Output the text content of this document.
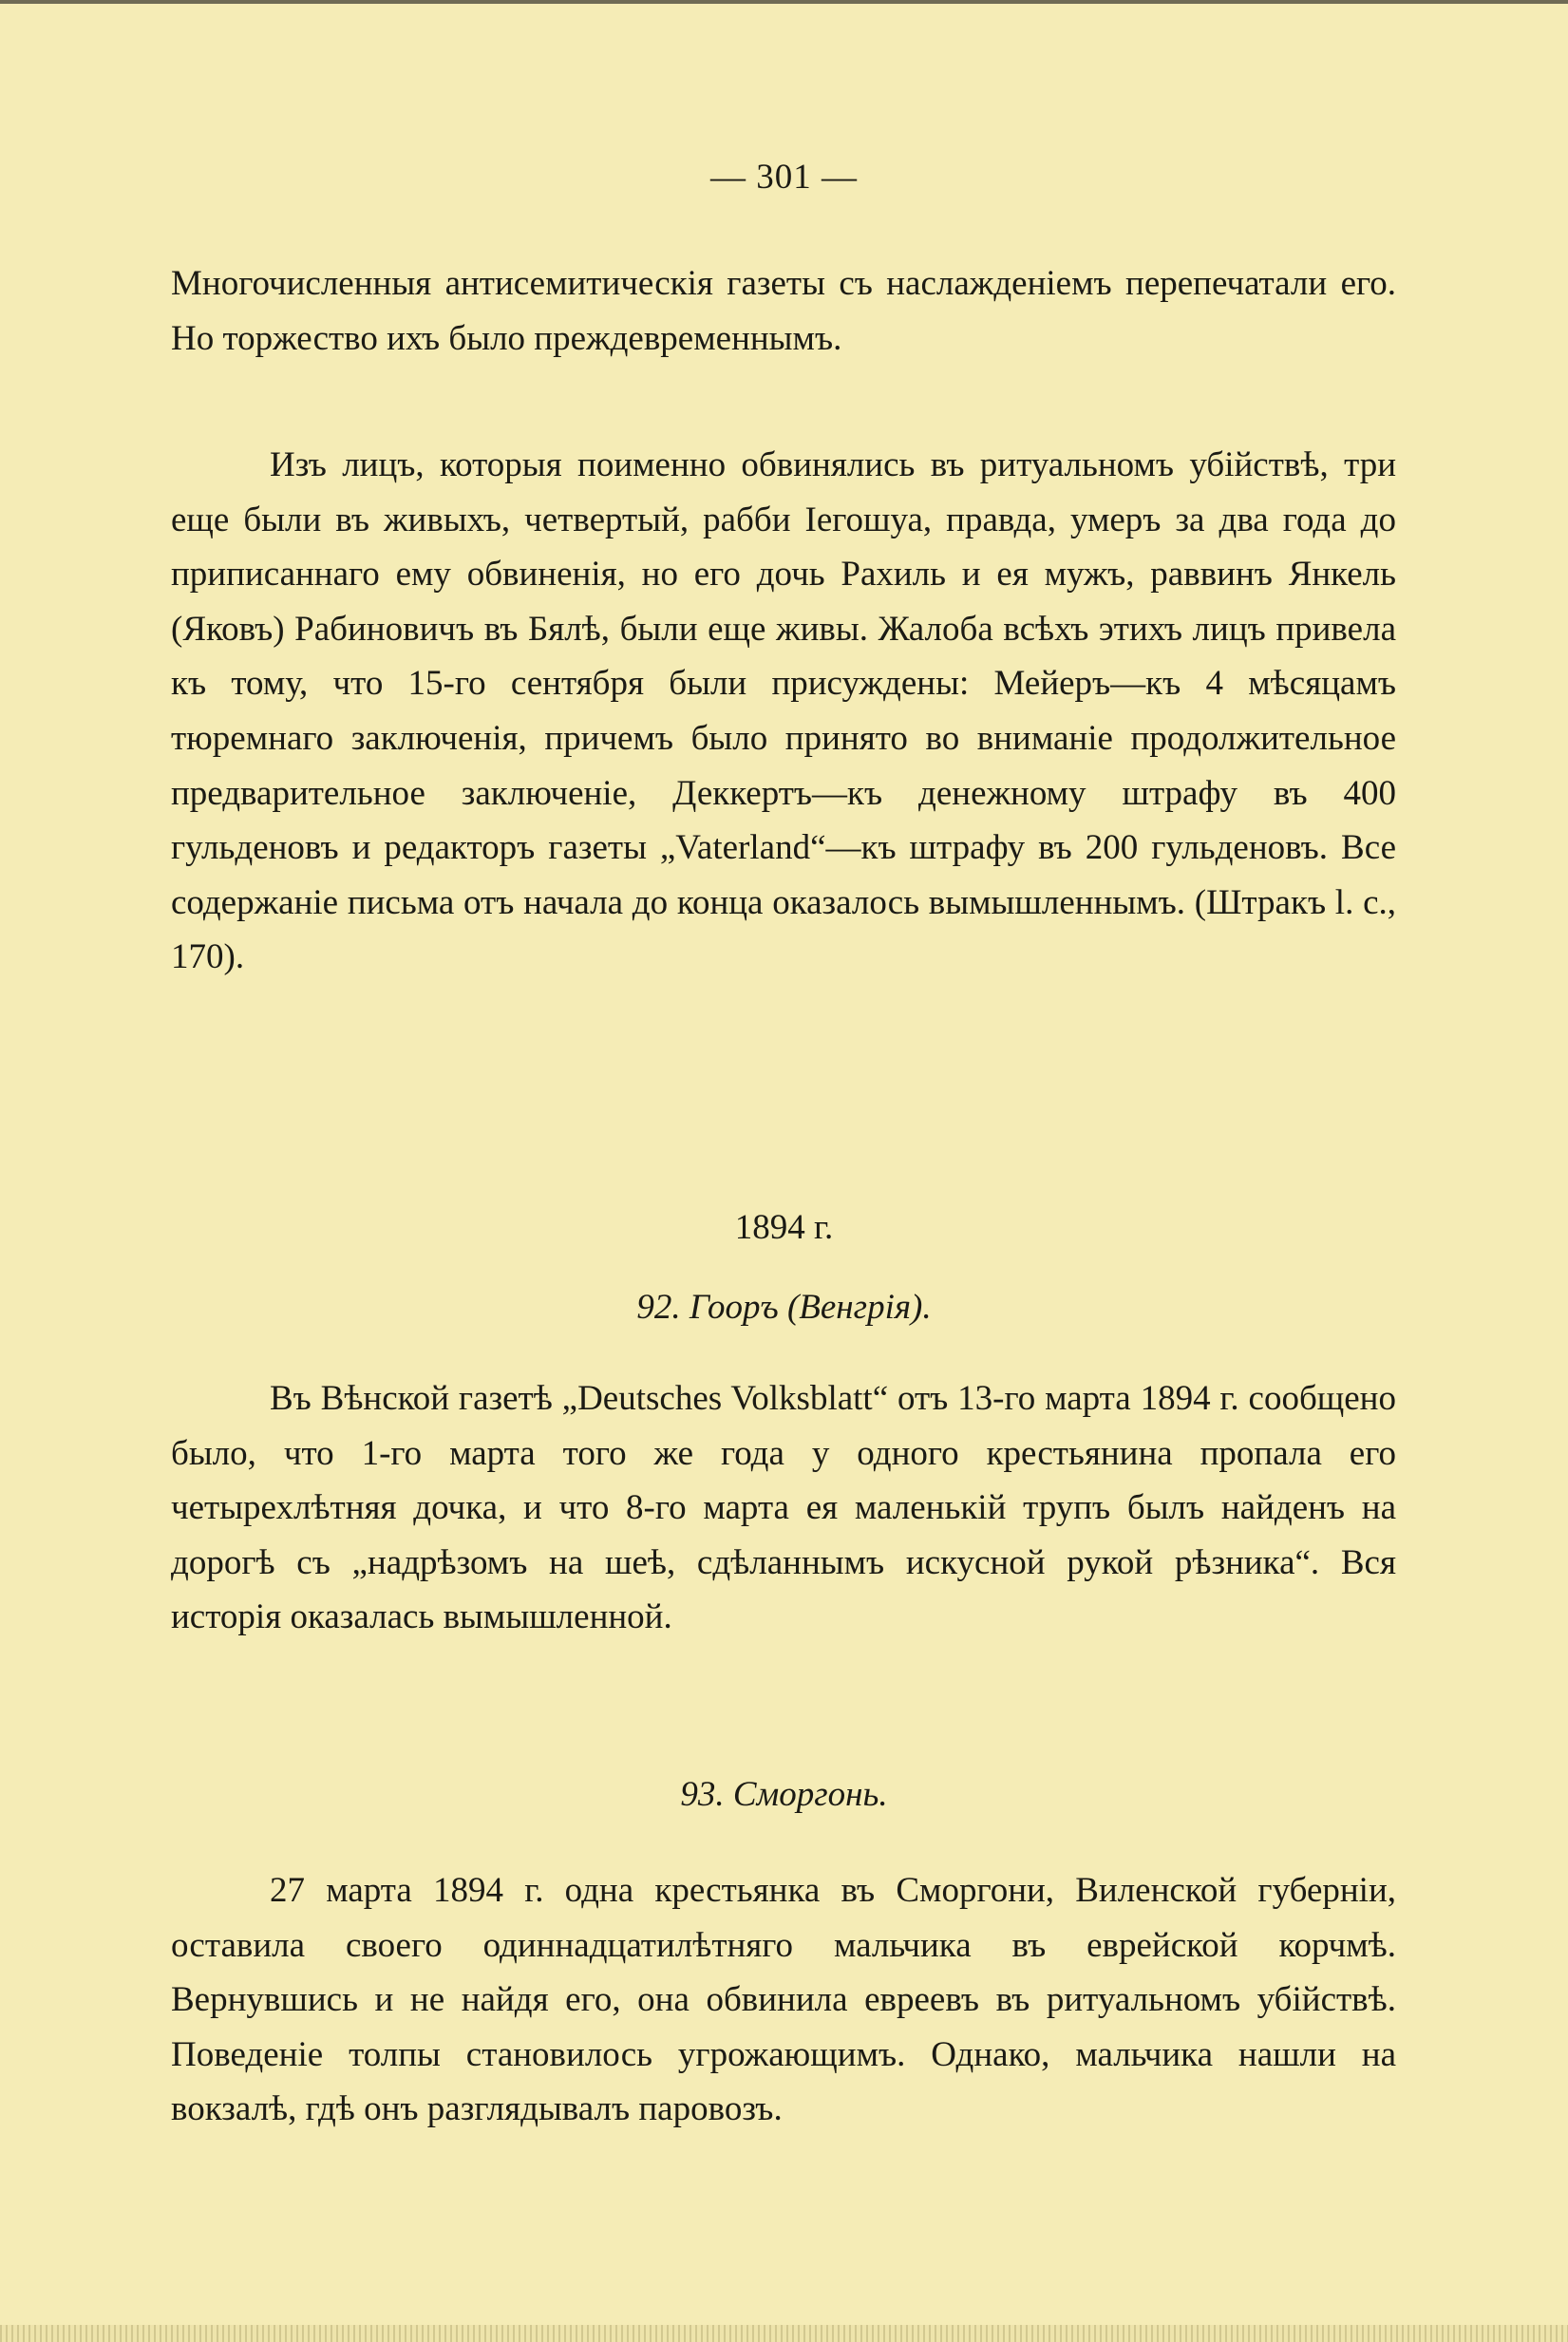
— 301 —

Многочисленныя антисемитическія газеты съ наслажденіемъ перепечатали его. Но торжество ихъ было преждевременнымъ.

Изъ лицъ, которыя поименно обвинялись въ ритуальномъ убійствѣ, три еще были въ живыхъ, четвертый, рабби Іегошуа, правда, умеръ за два года до приписаннаго ему обвиненія, но его дочь Рахиль и ея мужъ, раввинъ Янкель (Яковъ) Рабиновичъ въ Бялѣ, были еще живы. Жалоба всѣхъ этихъ лицъ привела къ тому, что 15-го сентября были присуждены: Мейеръ—къ 4 мѣсяцамъ тюремнаго заключенія, причемъ было принято во вниманіе продолжительное предварительное заключеніе, Деккертъ—къ денежному штрафу въ 400 гульденовъ и редакторъ газеты „Vaterland“—къ штрафу въ 200 гульденовъ. Все содержаніе письма отъ начала до конца оказалось вымышленнымъ. (Штракъ l. с., 170).

1894 г.
92. Гооръ (Венгрія).

Въ Вѣнской газетѣ „Deutsches Volksblatt“ отъ 13-го марта 1894 г. сообщено было, что 1-го марта того же года у одного крестьянина пропала его четырехлѣтняя дочка, и что 8-го марта ея маленькій трупъ былъ найденъ на дорогѣ съ „надрѣзомъ на шеѣ, сдѣланнымъ искусной рукой рѣзника“. Вся исторія оказалась вымышленной.

93. Сморгонь.

27 марта 1894 г. одна крестьянка въ Сморгони, Виленской губерніи, оставила своего одиннадцатилѣтняго мальчика въ еврейской корчмѣ. Вернувшись и не найдя его, она обвинила евреевъ въ ритуальномъ убійствѣ. Поведеніе толпы становилось угрожающимъ. Однако, мальчика нашли на вокзалѣ, гдѣ онъ разглядывалъ паровозъ.
